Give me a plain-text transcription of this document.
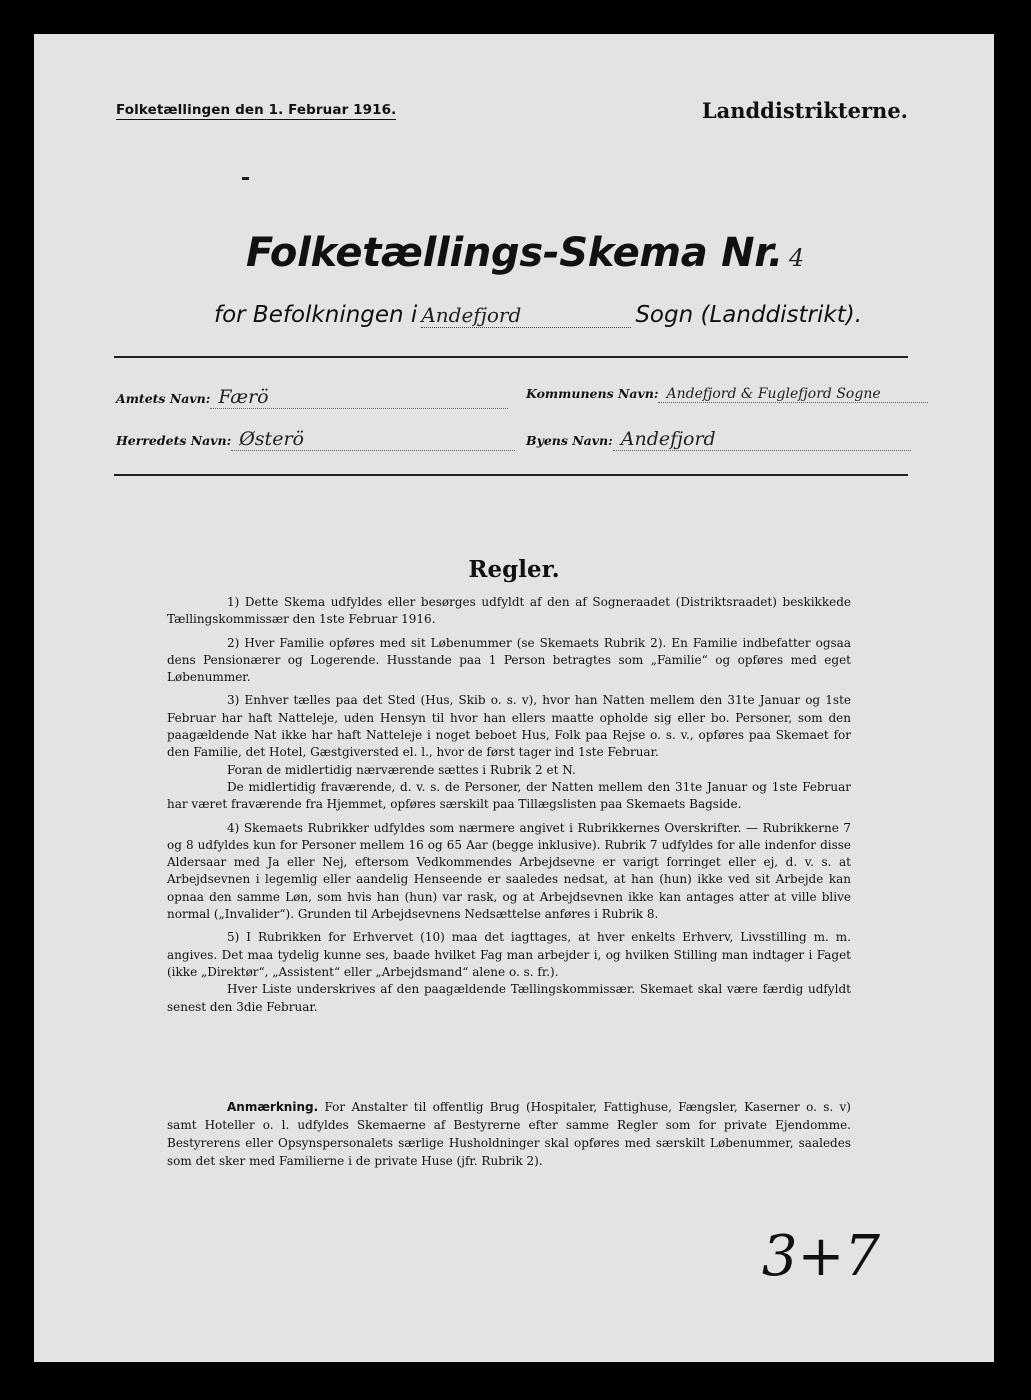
Folketællingen den 1. Februar 1916.	Landdistrikterne.
Folketællings-Skema Nr. 4
for Befolkningen i Andefjord	Sogn (Landdistrikt).
Amtets Navn: Færö	Kommunens Navn: Andefjord & Fuglefjord Sogne
Herredets Navn: Østerö	Byens Navn: Andefjord
Regler.

1) Dette Skema udfyldes eller besørges udfyldt af den af Sogneraadet (Distriktsraadet) beskikkede Tællingskommissær den 1ste Februar 1916.

2) Hver Familie opføres med sit Løbenummer (se Skemaets Rubrik 2). En Familie indbefatter ogsaa dens Pensionærer og Logerende. Husstande paa 1 Person betragtes som „Familie“ og opføres med eget Løbenummer.

3) Enhver tælles paa det Sted (Hus, Skib o. s. v), hvor han Natten mellem den 31te Januar og 1ste Februar har haft Natteleje, uden Hensyn til hvor han ellers maatte opholde sig eller bo. Personer, som den paagældende Nat ikke har haft Natteleje i noget beboet Hus, Folk paa Rejse o. s. v., opføres paa Skemaet for den Familie, det Hotel, Gæstgiversted el. l., hvor de først tager ind 1ste Februar.

Foran de midlertidig nærværende sættes i Rubrik 2 et N.

De midlertidig fraværende, d. v. s. de Personer, der Natten mellem den 31te Januar og 1ste Februar har været fraværende fra Hjemmet, opføres særskilt paa Tillægslisten paa Skemaets Bagside.

4) Skemaets Rubrikker udfyldes som nærmere angivet i Rubrikkernes Overskrifter. — Rubrikkerne 7 og 8 udfyldes kun for Personer mellem 16 og 65 Aar (begge inklusive). Rubrik 7 udfyldes for alle indenfor disse Aldersaar med Ja eller Nej, eftersom Vedkommendes Arbejdsevne er varigt forringet eller ej, d. v. s. at Arbejdsevnen i legemlig eller aandelig Henseende er saaledes nedsat, at han (hun) ikke ved sit Arbejde kan opnaa den samme Løn, som hvis han (hun) var rask, og at Arbejdsevnen ikke kan antages atter at ville blive normal („Invalider“). Grunden til Arbejdsevnens Nedsættelse anføres i Rubrik 8.

5) I Rubrikken for Erhvervet (10) maa det iagttages, at hver enkelts Erhverv, Livsstilling m. m. angives. Det maa tydelig kunne ses, baade hvilket Fag man arbejder i, og hvilken Stilling man indtager i Faget (ikke „Direktør“, „Assistent“ eller „Arbejdsmand“ alene o. s. fr.).

Hver Liste underskrives af den paagældende Tællingskommissær. Skemaet skal være færdig udfyldt senest den 3die Februar.

Anmærkning. For Anstalter til offentlig Brug (Hospitaler, Fattighuse, Fængsler, Kaserner o. s. v) samt Hoteller o. l. udfyldes Skemaerne af Bestyrerne efter samme Regler som for private Ejendomme. Bestyrerens eller Opsynspersonalets særlige Husholdninger skal opføres med særskilt Løbenummer, saaledes som det sker med Familierne i de private Huse (jfr. Rubrik 2).

3+7
